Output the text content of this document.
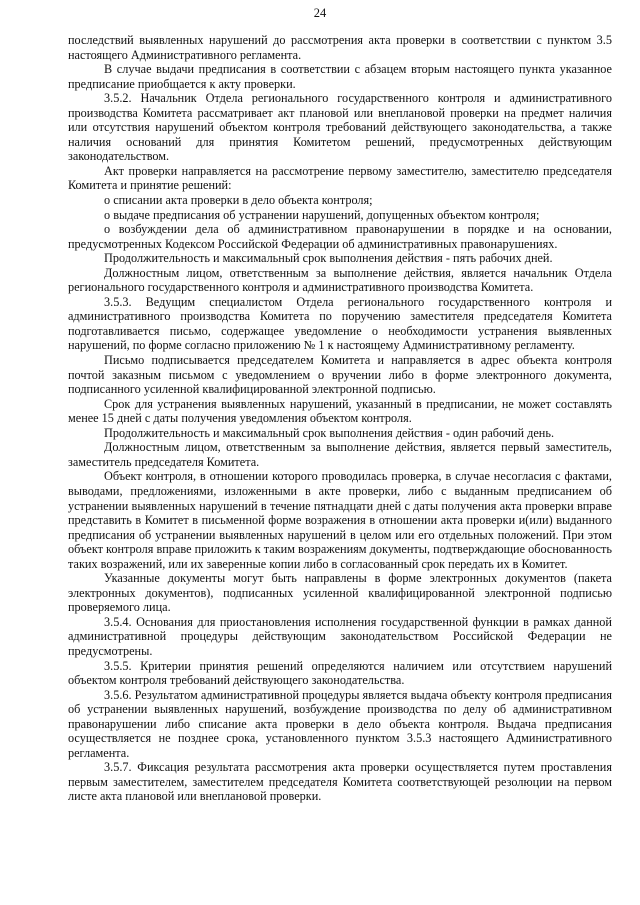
24

последствий выявленных нарушений до рассмотрения акта проверки в соответствии с пунктом 3.5 настоящего Административного регламента.

В случае выдачи предписания в соответствии с абзацем вторым настоящего пункта указанное предписание приобщается к акту проверки.

3.5.2. Начальник Отдела регионального государственного контроля и административного производства Комитета рассматривает акт плановой или внеплановой проверки на предмет наличия или отсутствия нарушений объектом контроля требований действующего законодательства, а также наличия оснований для принятия Комитетом решений, предусмотренных действующим законодательством.

Акт проверки направляется на рассмотрение первому заместителю, заместителю председателя Комитета и принятие решений:

о списании акта проверки в дело объекта контроля;

о выдаче предписания об устранении нарушений, допущенных объектом контроля;

о возбуждении дела об административном правонарушении в порядке и на основании, предусмотренных Кодексом Российской Федерации об административных правонарушениях.

Продолжительность и максимальный срок выполнения действия - пять рабочих дней.

Должностным лицом, ответственным за выполнение действия, является начальник Отдела регионального государственного контроля и административного производства Комитета.

3.5.3. Ведущим специалистом Отдела регионального государственного контроля и административного производства Комитета по поручению заместителя председателя Комитета подготавливается письмо, содержащее уведомление о необходимости устранения выявленных нарушений, по форме согласно приложению № 1 к настоящему Административному регламенту.

Письмо подписывается председателем Комитета и направляется в адрес объекта контроля почтой заказным письмом с уведомлением о вручении либо в форме электронного документа, подписанного усиленной квалифицированной электронной подписью.

Срок для устранения выявленных нарушений, указанный в предписании, не может составлять менее 15 дней с даты получения уведомления объектом контроля.

Продолжительность и максимальный срок выполнения действия - один рабочий день.

Должностным лицом, ответственным за выполнение действия, является первый заместитель, заместитель председателя Комитета.

Объект контроля, в отношении которого проводилась проверка, в случае несогласия с фактами, выводами, предложениями, изложенными в акте проверки, либо с выданным предписанием об устранении выявленных нарушений в течение пятнадцати дней с даты получения акта проверки вправе представить в Комитет в письменной форме возражения в отношении акта проверки и(или) выданного предписания об устранении выявленных нарушений в целом или его отдельных положений. При этом объект контроля вправе приложить к таким возражениям документы, подтверждающие обоснованность таких возражений, или их заверенные копии либо в согласованный срок передать их в Комитет.

Указанные документы могут быть направлены в форме электронных документов (пакета электронных документов), подписанных усиленной квалифицированной электронной подписью проверяемого лица.

3.5.4. Основания для приостановления исполнения государственной функции в рамках данной административной процедуры действующим законодательством Российской Федерации не предусмотрены.

3.5.5. Критерии принятия решений определяются наличием или отсутствием нарушений объектом контроля требований действующего законодательства.

3.5.6. Результатом административной процедуры является выдача объекту контроля предписания об устранении выявленных нарушений, возбуждение производства по делу об административном правонарушении либо списание акта проверки в дело объекта контроля. Выдача предписания осуществляется не позднее срока, установленного пунктом 3.5.3 настоящего Административного регламента.

3.5.7. Фиксация результата рассмотрения акта проверки осуществляется путем проставления первым заместителем, заместителем председателя Комитета соответствующей резолюции на первом листе акта плановой или внеплановой проверки.
